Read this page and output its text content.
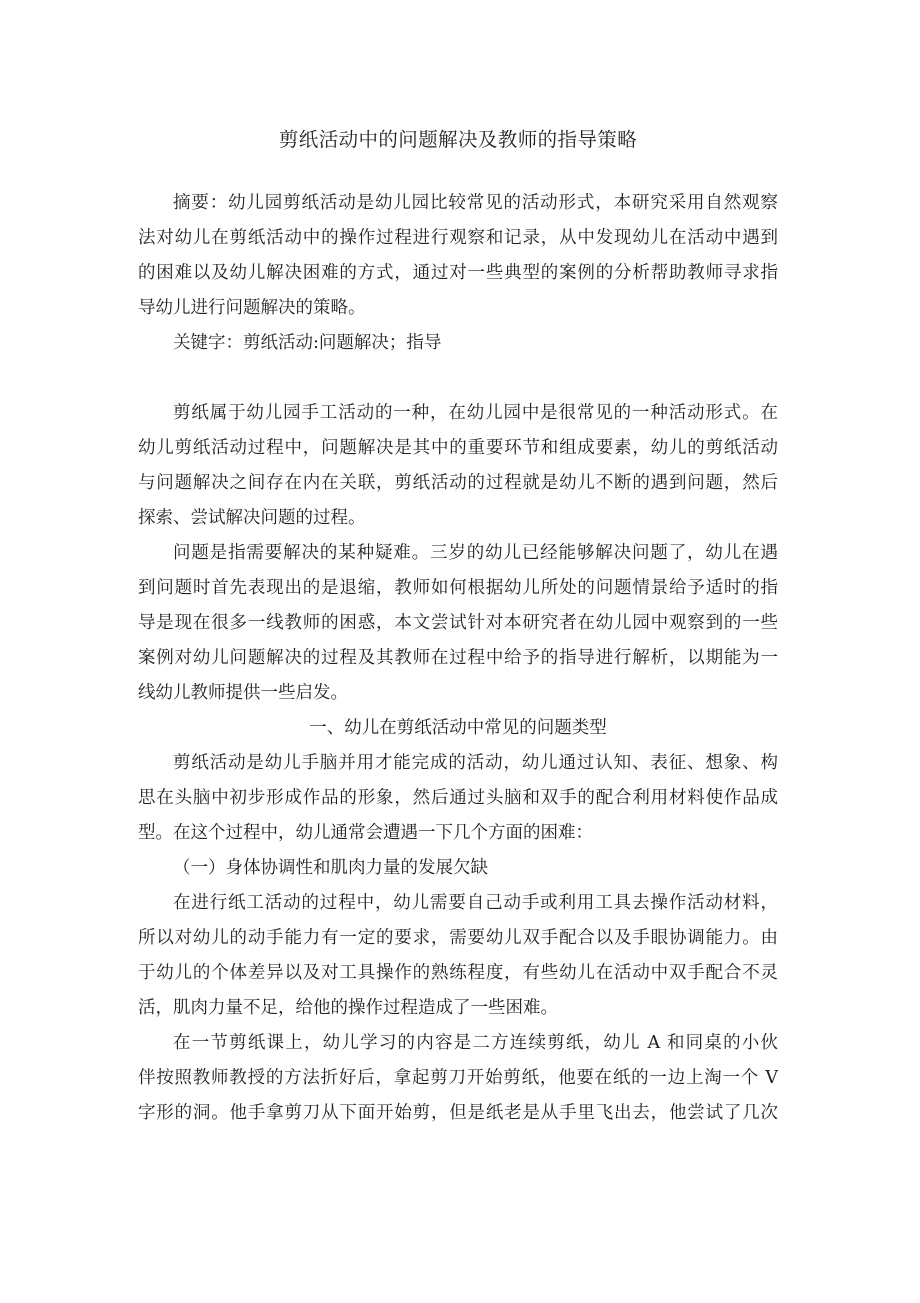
剪纸活动中的问题解决及教师的指导策略
摘要：幼儿园剪纸活动是幼儿园比较常见的活动形式，本研究采用自然观察
法对幼儿在剪纸活动中的操作过程进行观察和记录，从中发现幼儿在活动中遇到
的困难以及幼儿解决困难的方式，通过对一些典型的案例的分析帮助教师寻求指
导幼儿进行问题解决的策略。
关键字：剪纸活动:问题解决；指导
剪纸属于幼儿园手工活动的一种，在幼儿园中是很常见的一种活动形式。在
幼儿剪纸活动过程中，问题解决是其中的重要环节和组成要素，幼儿的剪纸活动
与问题解决之间存在内在关联，剪纸活动的过程就是幼儿不断的遇到问题，然后
探索、尝试解决问题的过程。
问题是指需要解决的某种疑难。三岁的幼儿已经能够解决问题了，幼儿在遇
到问题时首先表现出的是退缩，教师如何根据幼儿所处的问题情景给予适时的指
导是现在很多一线教师的困惑，本文尝试针对本研究者在幼儿园中观察到的一些
案例对幼儿问题解决的过程及其教师在过程中给予的指导进行解析，以期能为一
线幼儿教师提供一些启发。
一、幼儿在剪纸活动中常见的问题类型
剪纸活动是幼儿手脑并用才能完成的活动，幼儿通过认知、表征、想象、构
思在头脑中初步形成作品的形象，然后通过头脑和双手的配合利用材料使作品成
型。在这个过程中，幼儿通常会遭遇一下几个方面的困难：
（一）身体协调性和肌肉力量的发展欠缺
在进行纸工活动的过程中，幼儿需要自己动手或利用工具去操作活动材料，
所以对幼儿的动手能力有一定的要求，需要幼儿双手配合以及手眼协调能力。由
于幼儿的个体差异以及对工具操作的熟练程度，有些幼儿在活动中双手配合不灵
活，肌肉力量不足，给他的操作过程造成了一些困难。
在一节剪纸课上，幼儿学习的内容是二方连续剪纸，幼儿 A 和同桌的小伙
伴按照教师教授的方法折好后，拿起剪刀开始剪纸，他要在纸的一边上淘一个 V
字形的洞。他手拿剪刀从下面开始剪，但是纸老是从手里飞出去，他尝试了几次
